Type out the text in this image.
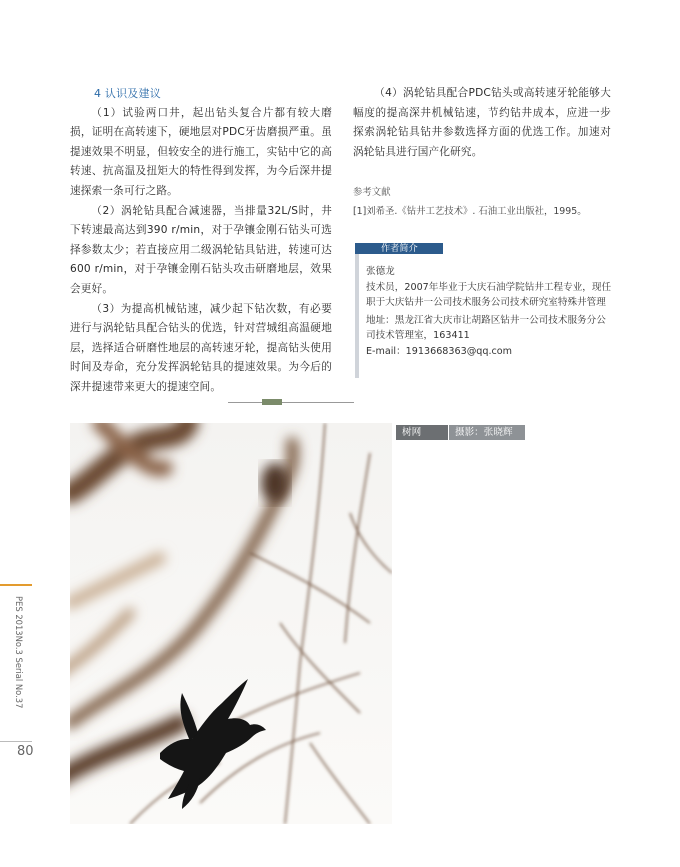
4 认识及建议

（1）试验两口井，起出钻头复合片都有较大磨损，证明在高转速下，硬地层对PDC牙齿磨损严重。虽提速效果不明显，但较安全的进行施工，实钻中它的高转速、抗高温及扭矩大的特性得到发挥，为今后深井提速探索一条可行之路。

（2）涡轮钻具配合减速器，当排量32L/S时，井下转速最高达到390 r/min，对于孕镶金刚石钻头可选择参数太少；若直接应用二级涡轮钻具钻进，转速可达600 r/min，对于孕镶金刚石钻头攻击研磨地层，效果会更好。

（3）为提高机械钻速，减少起下钻次数，有必要进行与涡轮钻具配合钻头的优选，针对营城组高温硬地层，选择适合研磨性地层的高转速牙轮，提高钻头使用时间及寿命，充分发挥涡轮钻具的提速效果。为今后的深井提速带来更大的提速空间。

（4）涡轮钻具配合PDC钻头或高转速牙轮能够大幅度的提高深井机械钻速，节约钻井成本，应进一步探索涡轮钻具钻井参数选择方面的优选工作。加速对涡轮钻具进行国产化研究。

参考文献
[1]刘希圣.《钻井工艺技术》. 石油工业出版社，1995。
作者简介
张德龙
技术员，2007年毕业于大庆石油学院钻井工程专业，现任职于大庆钻井一公司技术服务公司技术研究室特殊井管理
地址：黑龙江省大庆市让胡路区钻井一公司技术服务分公司技术管理室，163411
E-mail：1913668363@qq.com
树网	摄影：张晓辉
PES 2013No.3 Serial No.37
80
